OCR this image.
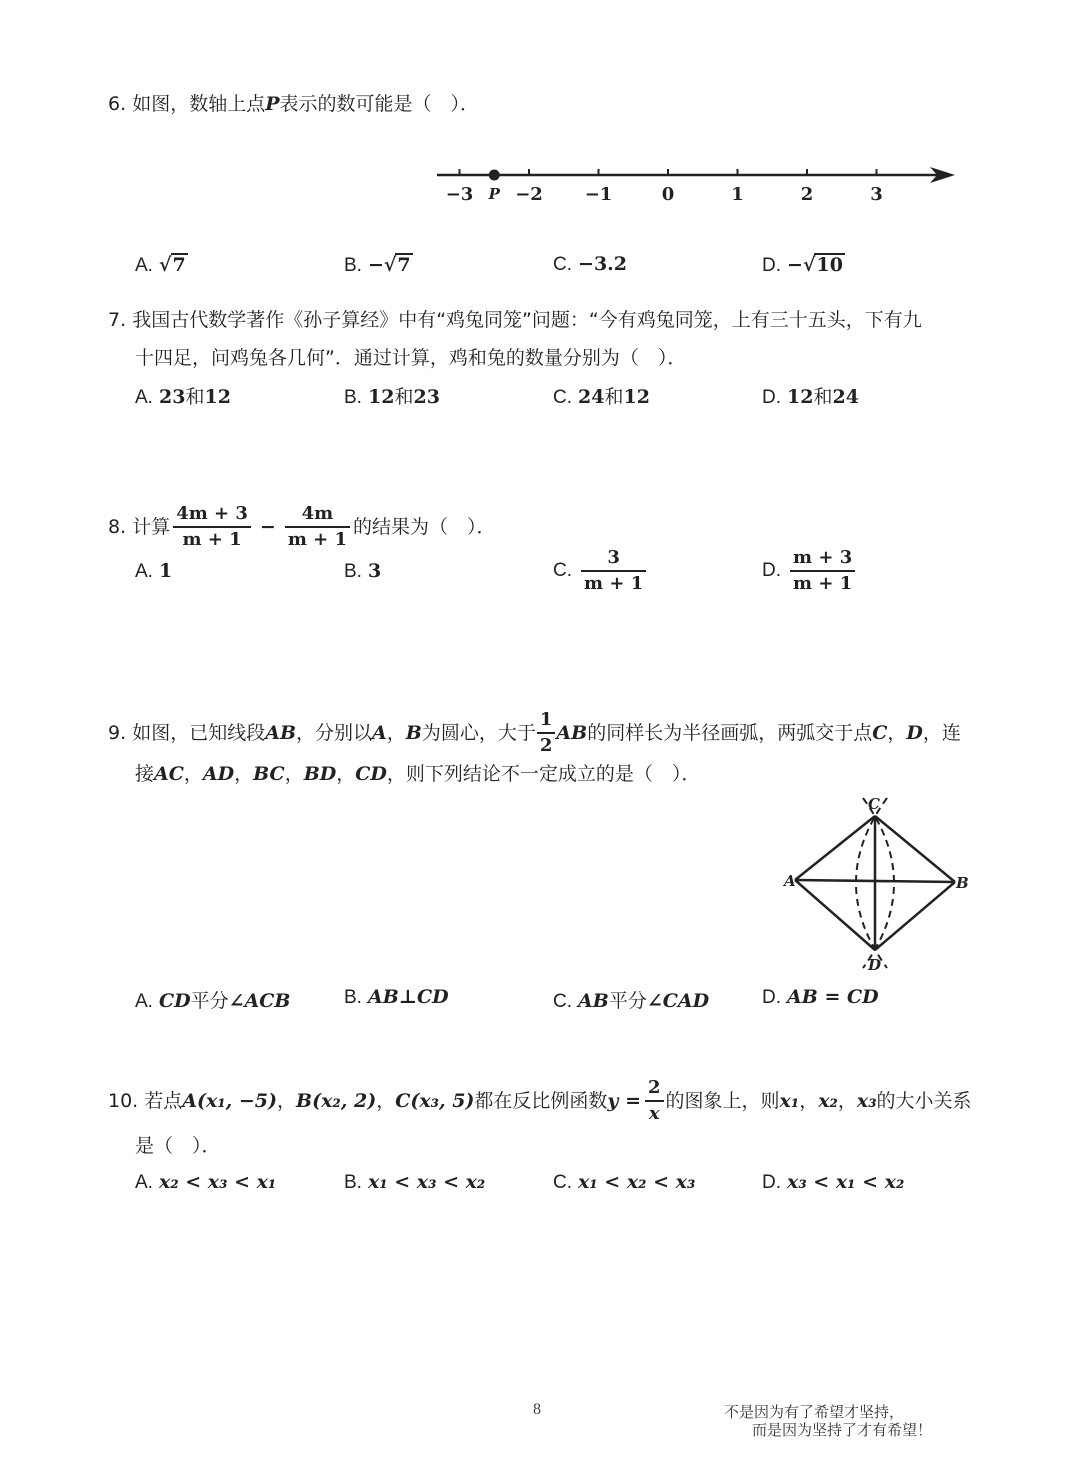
6. 如图，数轴上点P表示的数可能是（　）．
−3 −2 −1	0	1	2	3
P
A. √7	B. −√7	C. −3.2	D. −√10
7. 我国古代数学著作《孙子算经》中有“鸡兔同笼”问题：“今有鸡兔同笼，上有三十五头，下有九
十四足，问鸡兔各几何”．通过计算，鸡和兔的数量分别为（　）．
A. 23和12	B. 12和23	C. 24和12	D. 12和24
8.
计算 $\frac{4m + 3}{m + 1} - \frac{4m}{m + 1}$ 的结果为（　）．
A. 1	B. 3	C.
$\frac{3}{m + 1}$	D.
$\frac{m + 3}{m + 1}$
9.
如图，已知线段 AB ，分别以 A ， B 为圆心，大于 $\frac{1}{2}$ AB 的同样长为半径画弧，两弧交于点 C ， D ，连
接AC，AD，BC，BD，CD，则下列结论不一定成立的是（　）．
A	B
C
D
A. CD平分∠ACB	B. AB⊥CD	C. AB平分∠CAD	D. AB = CD
10.
若点 A(x₁, −5) ， B(x₂, 2) ， C(x₃, 5) 都在反比例函数 $y = \frac{2}{x}$ 的图象上，则 x₁ ， x₂ ， x₃ 的大小关系
是（　）．
A. x₂ < x₃ < x₁	B. x₁ < x₃ < x₂	C. x₁ < x₂ < x₃	D. x₃ < x₁ < x₂
8	不是因为有了希望才坚持，
而是因为坚持了才有希望！
